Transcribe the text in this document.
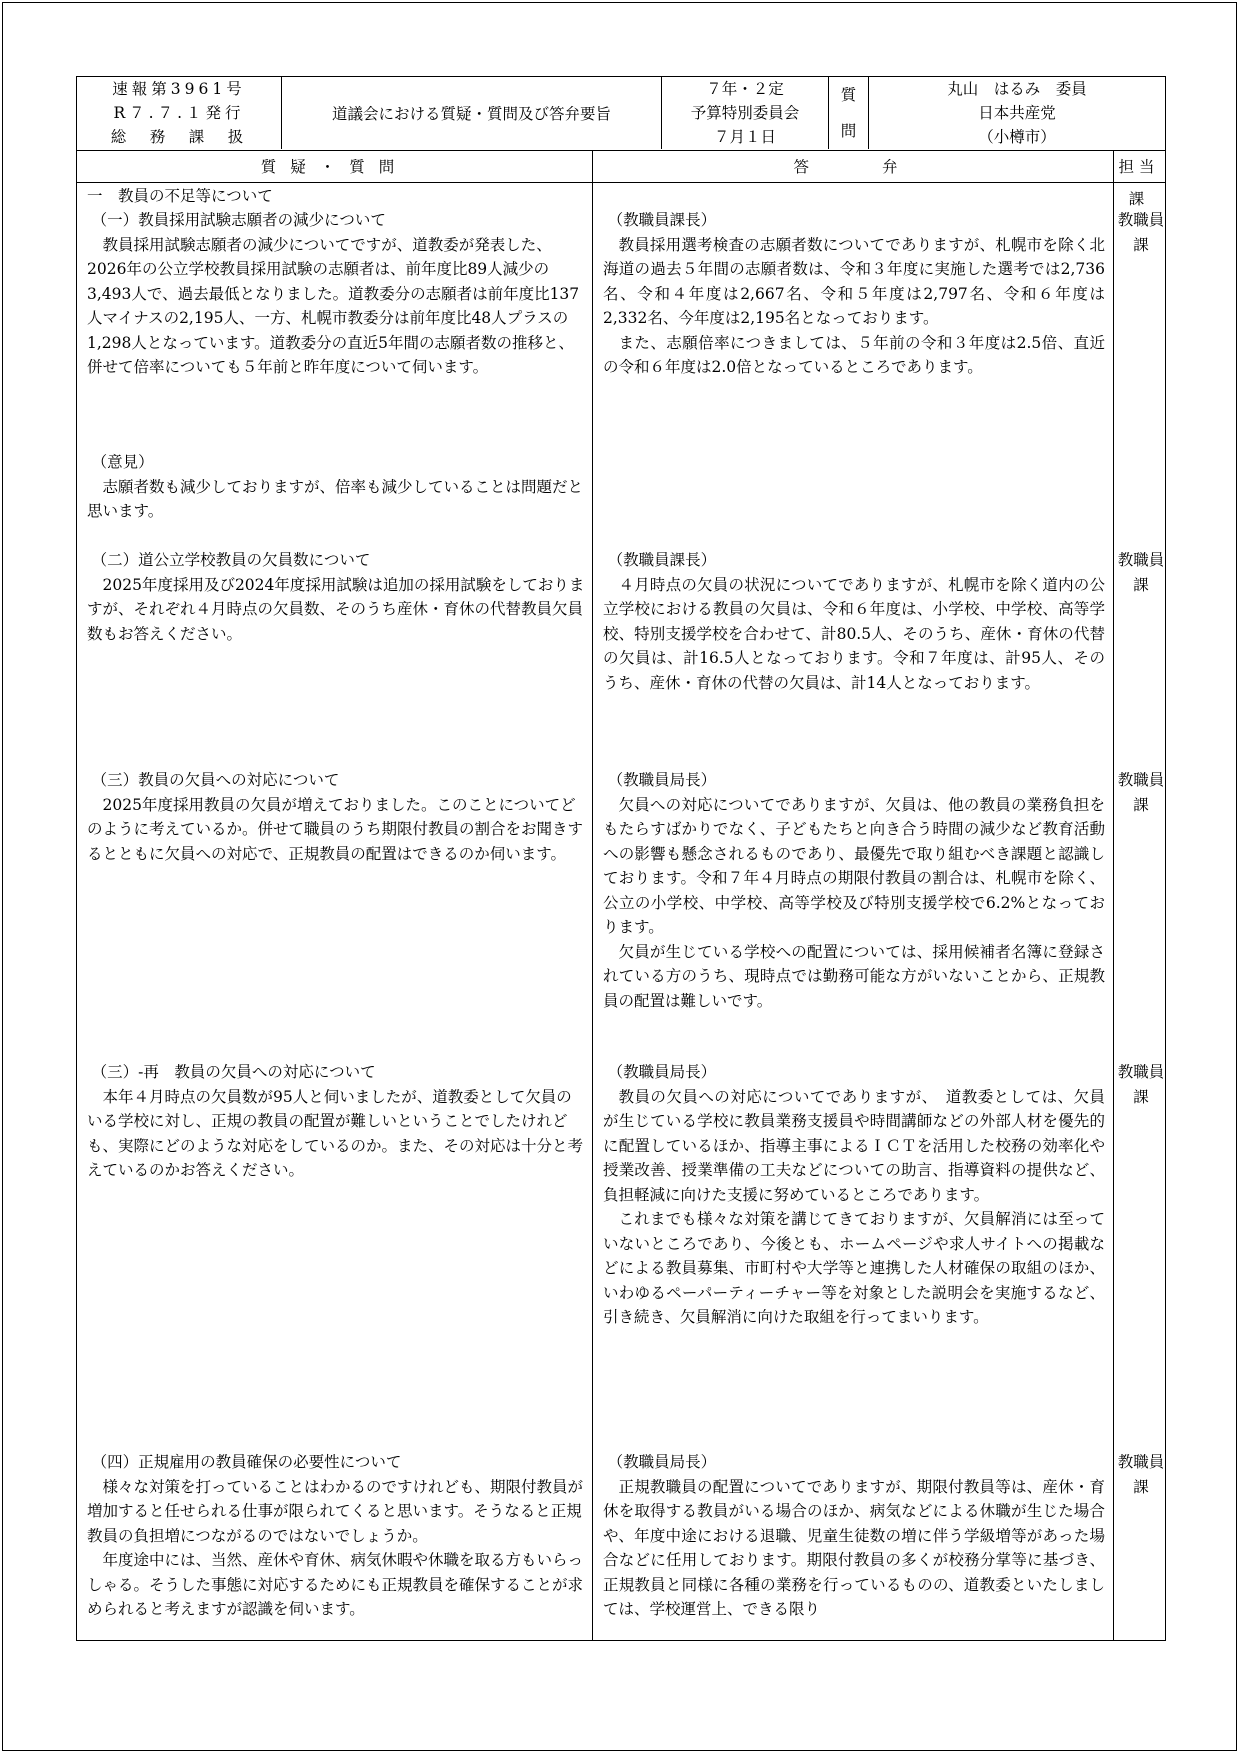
速報第3961号
R７.７.１発行
総　務　課　扱
道議会における質疑・質問及び答弁要旨
７年・２定
予算特別委員会
７月１日
質
問
丸山　はるみ　委員
日本共産党
（小樽市）
質疑・質問	答　　弁	担当課
一　教員の不足等について

（一）教員採用試験志願者の減少について

教員採用試験志願者の減少についてですが、道教委が発表した、2026年の公立学校教員採用試験の志願者は、前年度比89人減少の3,493人で、過去最低となりました。道教委分の志願者は前年度比137人マイナスの2,195人、一方、札幌市教委分は前年度比48人プラスの1,298人となっています。道教委分の直近5年間の志願者数の推移と、併せて倍率についても５年前と昨年度について伺います。

（意見）

志願者数も減少しておりますが、倍率も減少していることは問題だと思います。

（教職員課長）

教員採用選考検査の志願者数についてでありますが、札幌市を除く北海道の過去５年間の志願者数は、令和３年度に実施した選考では2,736名、令和４年度は2,667名、令和５年度は2,797名、令和６年度は2,332名、今年度は2,195名となっております。

また、志願倍率につきましては、５年前の令和３年度は2.5倍、直近の令和６年度は2.0倍となっているところであります。

教職員課

（二）道公立学校教員の欠員数について

2025年度採用及び2024年度採用試験は追加の採用試験をしておりますが、それぞれ４月時点の欠員数、そのうち産休・育休の代替教員欠員数もお答えください。

（教職員課長）

４月時点の欠員の状況についてでありますが、札幌市を除く道内の公立学校における教員の欠員は、令和６年度は、小学校、中学校、高等学校、特別支援学校を合わせて、計80.5人、そのうち、産休・育休の代替の欠員は、計16.5人となっております。令和７年度は、計95人、そのうち、産休・育休の代替の欠員は、計14人となっております。

教職員課

（三）教員の欠員への対応について

2025年度採用教員の欠員が増えておりました。このことについてどのように考えているか。併せて職員のうち期限付教員の割合をお聞きするとともに欠員への対応で、正規教員の配置はできるのか伺います。

（教職員局長）

欠員への対応についてでありますが、欠員は、他の教員の業務負担をもたらすばかりでなく、子どもたちと向き合う時間の減少など教育活動への影響も懸念されるものであり、最優先で取り組むべき課題と認識しております。令和７年４月時点の期限付教員の割合は、札幌市を除く、公立の小学校、中学校、高等学校及び特別支援学校で6.2%となっております。

欠員が生じている学校への配置については、採用候補者名簿に登録されている方のうち、現時点では勤務可能な方がいないことから、正規教員の配置は難しいです。

教職員課

（三）-再　教員の欠員への対応について

本年４月時点の欠員数が95人と伺いましたが、道教委として欠員のいる学校に対し、正規の教員の配置が難しいということでしたけれども、実際にどのような対応をしているのか。また、その対応は十分と考えているのかお答えください。

（教職員局長）

教員の欠員への対応についてでありますが、　道教委としては、欠員が生じている学校に教員業務支援員や時間講師などの外部人材を優先的に配置しているほか、指導主事によるＩＣＴを活用した校務の効率化や授業改善、授業準備の工夫などについての助言、指導資料の提供など、負担軽減に向けた支援に努めているところであります。

これまでも様々な対策を講じてきておりますが、欠員解消には至っていないところであり、今後とも、ホームページや求人サイトへの掲載などによる教員募集、市町村や大学等と連携した人材確保の取組のほか、いわゆるペーパーティーチャー等を対象とした説明会を実施するなど、引き続き、欠員解消に向けた取組を行ってまいります。

教職員課

（四）正規雇用の教員確保の必要性について

様々な対策を打っていることはわかるのですけれども、期限付教員が増加すると任せられる仕事が限られてくると思います。そうなると正規教員の負担増につながるのではないでしょうか。

年度途中には、当然、産休や育休、病気休暇や休職を取る方もいらっしゃる。そうした事態に対応するためにも正規教員を確保することが求められると考えますが認識を伺います。

（教職員局長）

正規教職員の配置についてでありますが、期限付教員等は、産休・育休を取得する教員がいる場合のほか、病気などによる休職が生じた場合や、年度中途における退職、児童生徒数の増に伴う学級増等があった場合などに任用しております。期限付教員の多くが校務分掌等に基づき、正規教員と同様に各種の業務を行っているものの、道教委といたしましては、学校運営上、できる限り

教職員課
